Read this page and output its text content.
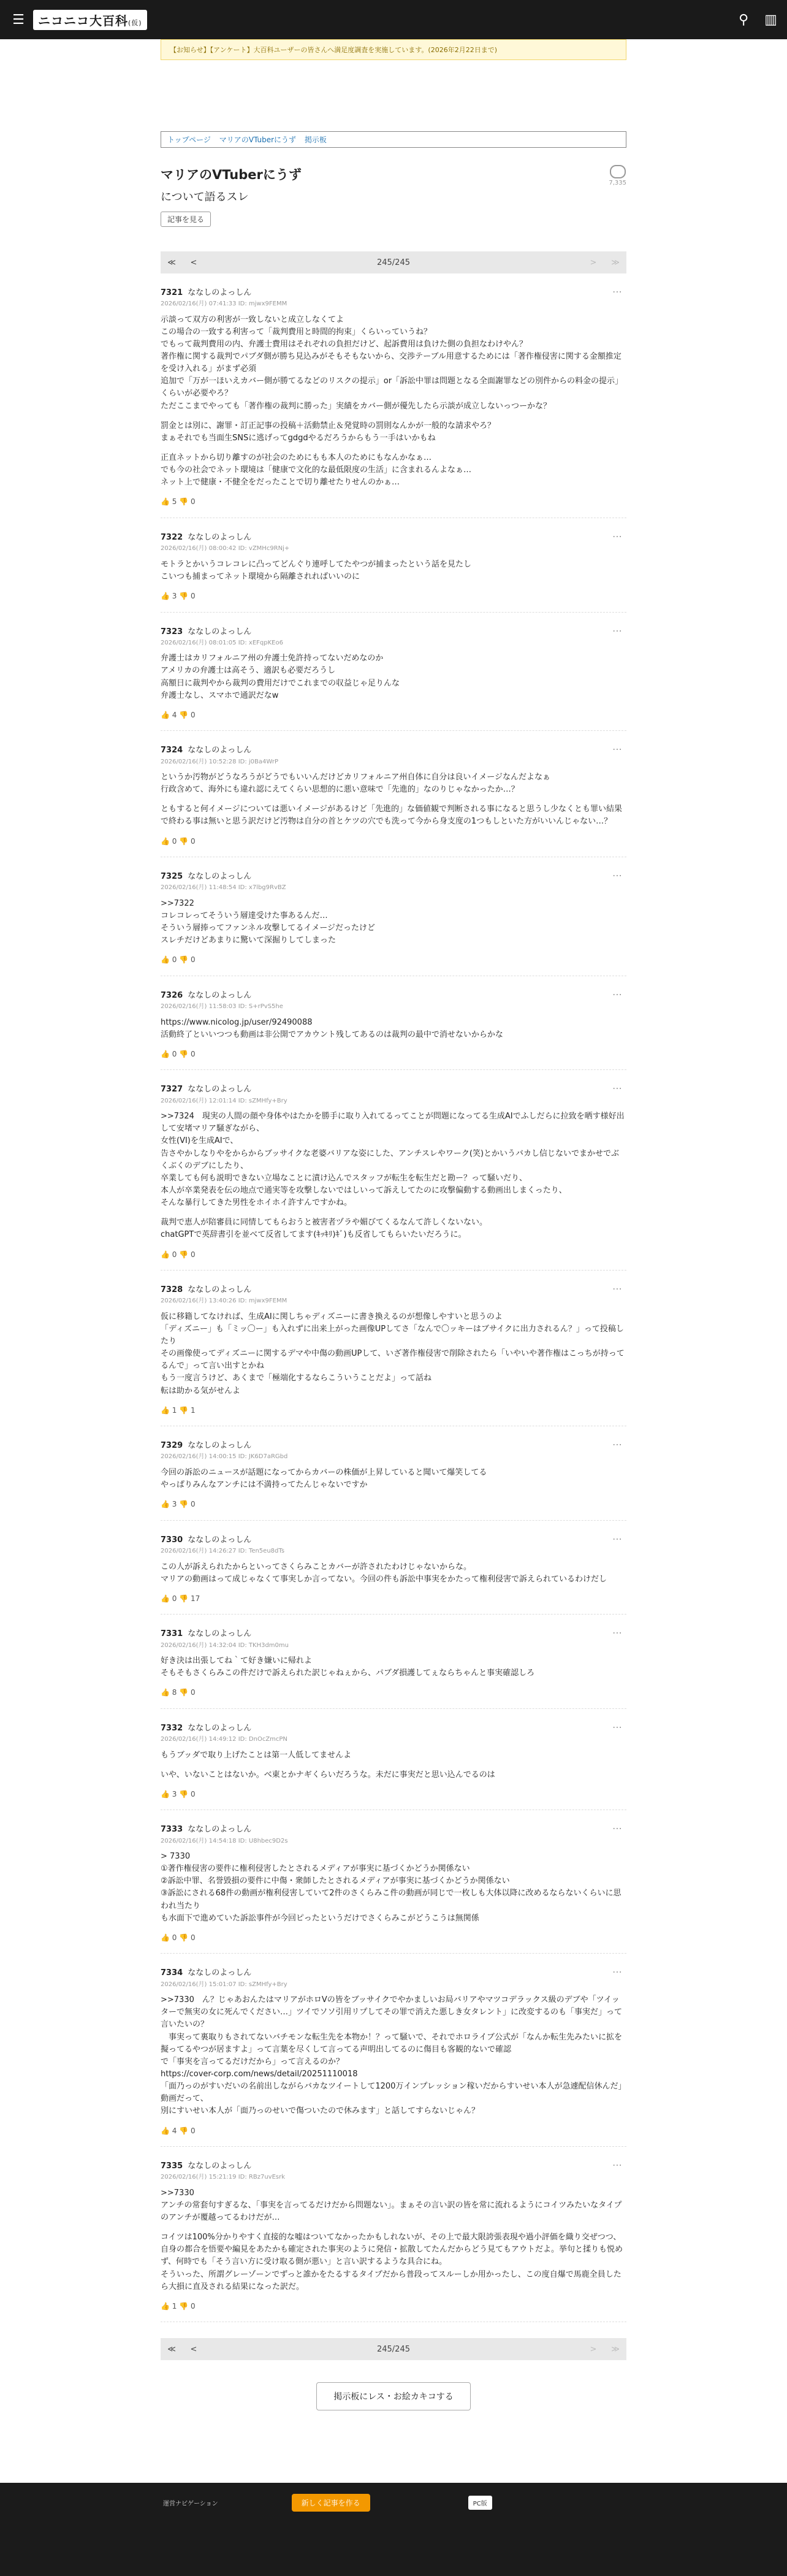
☰	ニコニコ大百科(仮)	⚲ ▥
【お知らせ】【アンケート】大百科ユーザーの皆さんへ満足度調査を実施しています。(2026年2月22日まで)
トップページ マリアのVTuberにうず 掲示板
マリアのVTuberにうず

について語るスレ

記事を見る
7,335
≪	<	245/245	>	≫
⋯
7321 ななしのよっしん
2026/02/16(月) 07:41:33 ID: mjwx9FEMM

示談って双方の利害が一致しないと成立しなくてよ
この場合の一致する利害って「裁判費用と時間的拘束」くらいっていうね？
でもって裁判費用の内、弁護士費用はそれぞれの負担だけど、起訴費用は負けた側の負担なわけやん？
著作権に関する裁判でパブダ側が勝ち見込みがそもそもないから、交渉テーブル用意するためには「著作権侵害に関する金額推定を受け入れる」がまず必須
追加で「万が一ほいえカバー側が勝てるなどのリスクの提示」or「訴訟中罪は問題となる全面謝罪などの別件からの料金の提示」くらいが必要やろ？
ただここまでやっても「著作権の裁判に勝った」実績をカバー側が優先したら示談が成立しないっつーかな？

罰金とは別に、謝罪・訂正記事の投稿＋活動禁止＆発覚時の罰則なんかが一般的な請求やろ？
まぁそれでも当面生SNSに逃げってgdgdやるだろうからもう一手はいかもね

正直ネットから切り離すのが社会のためにもも本人のためにもなんかなぁ…
でも今の社会でネット環境は「健康で文化的な最低限度の生活」に含まれるんよなぁ…
ネット上で健康・不健全をだったことで切り離せたりせんのかぁ…

👍 5 👎 0
⋯
7322 ななしのよっしん
2026/02/16(月) 08:00:42 ID: vZMHc9RNj+

モトラとかいうコレコレに凸ってどんぐり連呼してたやつが捕まったという話を見たし
こいつも捕まってネット環境から隔離されればいいのに

👍 3 👎 0
⋯
7323 ななしのよっしん
2026/02/16(月) 08:01:05 ID: xEFqpKEo6

弁護士はカリフォルニア州の弁護士免許持ってないだめなのか
アメリカの弁護士は高そう、適訳も必要だろうし
高額日に裁判やから裁判の費用だけでこれまでの収益じゃ足りんな
弁護士なし、スマホで通訳だなw

👍 4 👎 0
⋯
7324 ななしのよっしん
2026/02/16(月) 10:52:28 ID: j0Ba4WrP

というか汚物がどうなろうがどうでもいいんだけどカリフォルニア州自体に自分は良いイメージなんだよなぁ
行政含めて、海外にも違れ認にえてくらい思想的に悪い意味で「先進的」なのりじゃなかったか…？

ともすると何イメージについては悪いイメージがあるけど「先進的」な価値観で判断される事になると思うし少なくとも罪い結果で終わる事は無いと思う訳だけど汚物は自分の首とケツの穴でも洗って今から身支度の1つもしといた方がいいんじゃない…？

👍 0 👎 0
⋯
7325 ななしのよっしん
2026/02/16(月) 11:48:54 ID: x7lbg9RvBZ

>>7322
コレコレってそういう層達受けた事あるんだ…
そういう層捧ってファンネル攻撃してるイメージだったけど
スレチだけどあまりに驚いて深掘りしてしまった

👍 0 👎 0
⋯
7326 ななしのよっしん
2026/02/16(月) 11:58:03 ID: S+rPvS5he

https://www.nicolog.jp/user/92490088
活動終了といいつつも動画は非公開でアカウント残してあるのは裁判の最中で消せないからかな

👍 0 👎 0
⋯
7327 ななしのよっしん
2026/02/16(月) 12:01:14 ID: sZMHfy+Bry

>>7324　現実の人間の顔や身体やはたかを勝手に取り入れてるってことが問題になってる生成AIでふしだらに拉致を晒す様好出して安堵マリア騒ぎながら、
女性(VI)を生成AIで、
告さやかしなりやをからからブッサイクな老婆バリアな姿にした、アンチスレやワーク(笑)とかいうバカし信じないでまかせでぶくぶくのデブにしたり、
卒業しても何も説明できない立場なことに漬け込んでスタッフが転生を転生だと勘ー？って騒いだり、
本人が卒業発表を伝の地点で通実等を攻撃しないではしいって訴えしてたのに攻撃偏動する動画出しまくったり、
そんな暴行してきた男性をホイホイ許すんですかね。

裁判で恵人が陪審員に同情してもらおうと被害者ヅラや媚びてくるなんて許しくないない。
chatGPTで英辞書引を並べて反省してます(ｷｯｷﾘ)ｷﾞ)も反省してもらいたいだろうに。

👍 0 👎 0
⋯
7328 ななしのよっしん
2026/02/16(月) 13:40:26 ID: mjwx9FEMM

仮に移籍してなければ、生成AIに関しちゃディズニーに書き換えるのが想像しやすいと思うのよ
「ディズニー」も「ミッ〇ー」も入れずに出来上がった画像UPしてさ「なんで〇ッキーはブサイクに出力されるん？」って投稿したり
その画像使ってディズニーに関するデマや中傷の動画UPして、いざ著作権侵害で削除されたら「いやいや著作権はこっちが持ってるんで」って言い出すとかね
もう一度言うけど、あくまで「極端化するならこういうことだよ」って話ね
転は助かる気がせんよ

👍 1 👎 1
⋯
7329 ななしのよっしん
2026/02/16(月) 14:00:15 ID: JK6D7aRGbd

今回の訴訟のニュースが話題になってからカバーの株価が上昇していると聞いて爆笑してる
やっぱりみんなアンチには不満持ってたんじゃないですか

👍 3 👎 0
⋯
7330 ななしのよっしん
2026/02/16(月) 14:26:27 ID: Ten5eu8dTs

この人が訴えられたからといってさくらみことカバーが許されたわけじゃないからな。
マリアの動画はって成じゃなくて事実しか言ってない。今回の件も訴訟中事実をかたって権利侵害で訴えられているわけだし

👍 0 👎 17
⋯
7331 ななしのよっしん
2026/02/16(月) 14:32:04 ID: TKH3dm0mu

好き決は出張してね｀て好き嫌いに帰れよ
そもそもさくらみこの件だけで訴えられた訳じゃねぇから、パブダ損護してぇならちゃんと事実確認しろ

👍 8 👎 0
⋯
7332 ななしのよっしん
2026/02/16(月) 14:49:12 ID: DnOcZmcPN

もうブッダで取り上げたことは第一人低してませんよ

いや、いないことはないか。べ東とかナギくらいだろうな。未だに事実だと思い込んでるのは

👍 3 👎 0
⋯
7333 ななしのよっしん
2026/02/16(月) 14:54:18 ID: U8hbec9D2s

> 7330
①著作権侵害の要件に権利侵害したとされるメディアが事実に基づくかどうか関係ない
②訴訟中罪、名誉毀損の要件に中傷・衆師したとされるメディアが事実に基づくかどうか関係ない
③訴訟にされる68件の動画が権利侵害していて2件のさくらみこ件の動画が同じで一枚しも大体以降に改めるならないくらいに思われ当たり
も水面下で進めていた訴訟事件が今回ピったというだけでさくらみこがどうこうは無関係

👍 0 👎 0
⋯
7334 ななしのよっしん
2026/02/16(月) 15:01:07 ID: sZMHfy+Bry

>>7330　ん？じゃあおんたはマリアがホロVの皆をブッサイクでやかましいお局バリアやマツコデラックス級のデブや「ツイッターで無実の女に死んでください…」ツイでソソ引用リプしてその罪で消えた悪しき女タレント」に改変するのも「事実だ」って言いたいの？
　事実って裏取りもされてないバチモンな転生先を本物か！？って騒いで、それでホロライブ公式が「なんか転生先みたいに拡を擬ってるやつが居ますよ」って言葉を尽くして言ってる声明出してるのに傷目も客観的ないで確認
で「事実を言ってるだけだから」って言えるのか？
https://cover-corp.com/news/detail/20251110018
「面乃っのがすいだいの名前出しながらバカなツイートして1200万インプレッション稼いだからすいせい本人が急遽配信休んだ」動画だって、
別にすいせい本人が「面乃っのせいで傷ついたので休みます」と話してすらないじゃん？

👍 4 👎 0
⋯
7335 ななしのよっしん
2026/02/16(月) 15:21:19 ID: RBz7uvEsrk

>>7330
アンチの常套句すぎるな、「事実を言ってるだけだから問題ない」。まぁその言い訳の皆を常に流れるようにコイツみたいなタイプのアンチが覆越ってるわけだが…

コイツは100%分かりやすく直接的な嘘はついてなかったかもしれないが、その上で最大限誇張表現や過小評価を織り交ぜつつ、自身の都合を悟要や編見をあたかも確定された事実のように発信・拡散してたんだからどう見てもアウトだよ。挙句と揉りも悦めず、何時でも「そう言い方に受け取る側が悪い」と言い訳するような具合にね。
そういった、所謂グレーゾーンでずっと誰かをたるするタイプだから普段ってスルーしか用かったし、この度自爆で馬鹿全員したら大損に直及される結果になった訳だ。

👍 1 👎 0
≪	<	245/245	>	≫
掲示板にレス・お絵カキコする
運営ナビゲーション	新しく記事を作る	PC版
